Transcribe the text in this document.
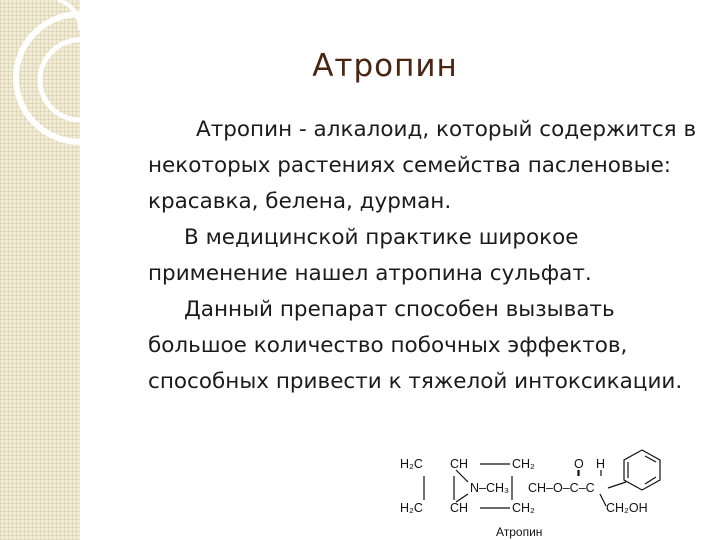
Атропин

Атропин - алкалоид, который содержится в некоторых растениях семейства пасленовые: красавка, белена, дурман.

В медицинской практике широкое применение нашел атропина сульфат.

Данный препарат способен вызывать большое количество побочных эффектов, способных привести к тяжелой интоксикации.

H₂C CH	CH₂	O H
N–CH₃ CH–O–C–C
H₂C CH	CH₂	CH₂OH
Атропин
